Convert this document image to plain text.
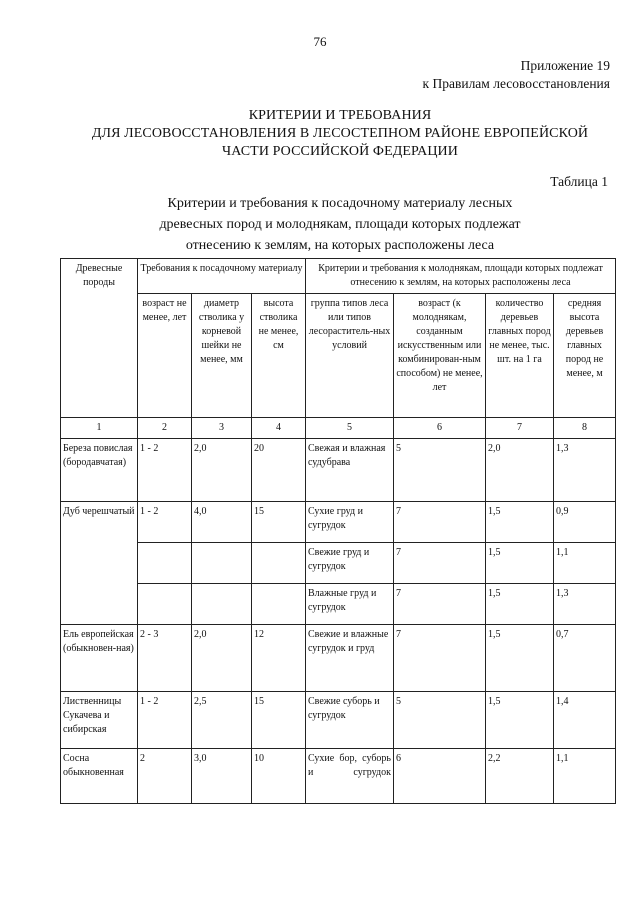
76
Приложение 19
к Правилам лесовосстановления
КРИТЕРИИ И ТРЕБОВАНИЯ
ДЛЯ ЛЕСОВОССТАНОВЛЕНИЯ В ЛЕСОСТЕПНОМ РАЙОНЕ ЕВРОПЕЙСКОЙ
ЧАСТИ РОССИЙСКОЙ ФЕДЕРАЦИИ
Таблица 1
Критерии и требования к посадочному материалу лесных
древесных пород и молоднякам, площади которых подлежат
отнесению к землям, на которых расположены леса
Древесные породы	Требования к посадочному материалу			Критерии и требования к молоднякам, площади которых подлежат отнесению к землям, на которых расположены леса			
	возраст не менее, лет	диаметр стволика у корневой шейки не менее, мм	высота стволика не менее, см	группа типов леса или типов лесораститель-ных условий	возраст (к молоднякам, созданным искусственным или комбинирован-ным способом) не менее, лет	количество деревьев главных пород не менее, тыс. шт. на 1 га	средняя высота деревьев главных пород не менее, м
1	2	3	4	5	6	7	8
Береза повислая (бородавчатая)	1 - 2	2,0	20	Свежая и влажная судубрава	5	2,0	1,3
Дуб черешчатый	1 - 2	4,0	15	Сухие груд и сугрудок	7	1,5	0,9
				Свежие груд и сугрудок	7	1,5	1,1
				Влажные груд и сугрудок	7	1,5	1,3
Ель европейская (обыкновен-ная)	2 - 3	2,0	12	Свежие и влажные сугрудок и груд	7	1,5	0,7
Лиственницы Сукачева и сибирская	1 - 2	2,5	15	Свежие суборь и сугрудок	5	1,5	1,4
Сосна обыкновенная	2	3,0	10	Сухие бор, суборь и сугрудок	6	2,2	1,1
